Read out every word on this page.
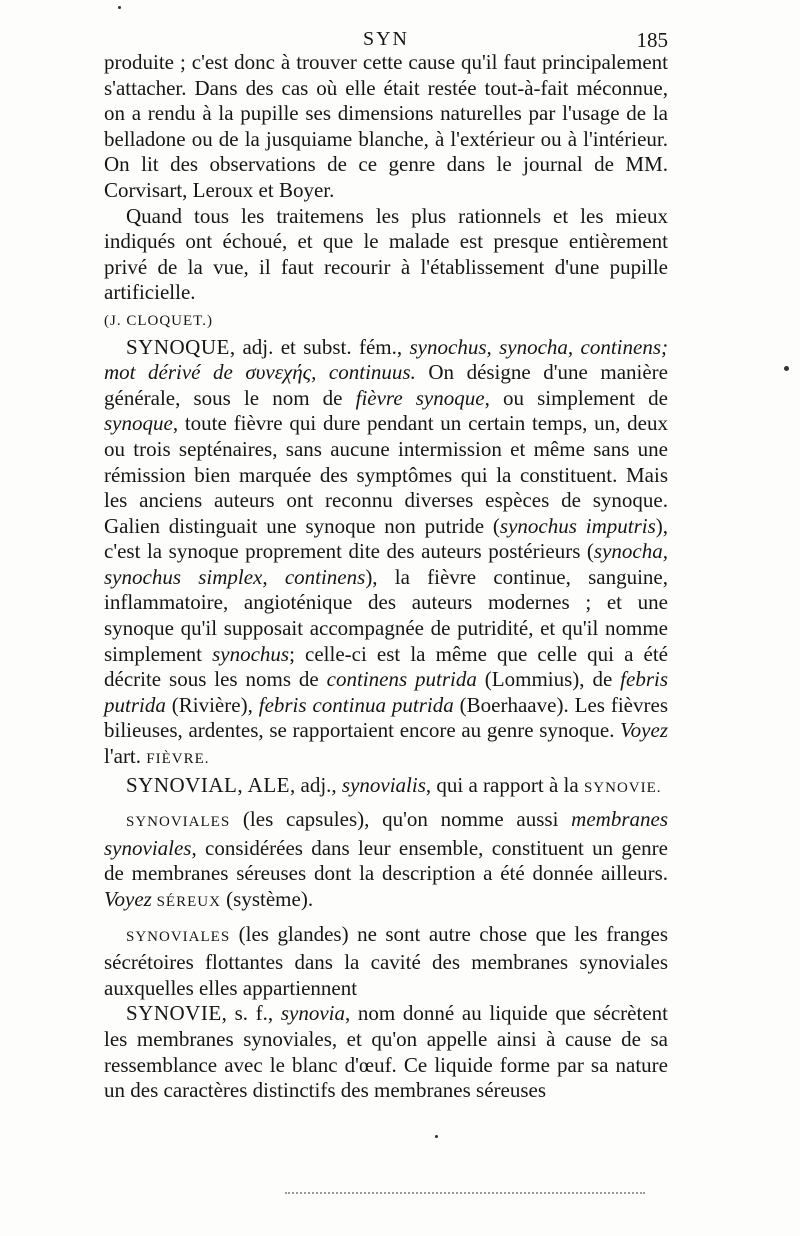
SYN	185

produite ; c'est donc à trouver cette cause qu'il faut principalement s'attacher. Dans des cas où elle était restée tout-à-fait méconnue, on a rendu à la pupille ses dimensions naturelles par l'usage de la belladone ou de la jusquiame blanche, à l'extérieur ou à l'intérieur. On lit des observations de ce genre dans le journal de MM. Corvisart, Leroux et Boyer.

Quand tous les traitemens les plus rationnels et les mieux indiqués ont échoué, et que le malade est presque entièrement privé de la vue, il faut recourir à l'établissement d'une pupille artificielle.

(J. CLOQUET.)

SYNOQUE, adj. et subst. fém., synochus, synocha, continens; mot dérivé de συνεχής, continuus. On désigne d'une manière générale, sous le nom de fièvre synoque, ou simplement de synoque, toute fièvre qui dure pendant un certain temps, un, deux ou trois septénaires, sans aucune intermission et même sans une rémission bien marquée des symptômes qui la constituent. Mais les anciens auteurs ont reconnu diverses espèces de synoque. Galien distinguait une synoque non putride (synochus imputris), c'est la synoque proprement dite des auteurs postérieurs (synocha, synochus simplex, continens), la fièvre continue, sanguine, inflammatoire, angioténique des auteurs modernes ; et une synoque qu'il supposait accompagnée de putridité, et qu'il nomme simplement synochus; celle-ci est la même que celle qui a été décrite sous les noms de continens putrida (Lommius), de febris putrida (Rivière), febris continua putrida (Boerhaave). Les fièvres bilieuses, ardentes, se rapportaient encore au genre synoque. Voyez l'art. FIÈVRE.

SYNOVIAL, ALE, adj., synovialis, qui a rapport à la SYNOVIE.

SYNOVIALES (les capsules), qu'on nomme aussi membranes synoviales, considérées dans leur ensemble, constituent un genre de membranes séreuses dont la description a été donnée ailleurs. Voyez SÉREUX (système).

SYNOVIALES (les glandes) ne sont autre chose que les franges sécrétoires flottantes dans la cavité des membranes synoviales auxquelles elles appartiennent

SYNOVIE, s. f., synovia, nom donné au liquide que sécrètent les membranes synoviales, et qu'on appelle ainsi à cause de sa ressemblance avec le blanc d'œuf. Ce liquide forme par sa nature un des caractères distinctifs des membranes séreuses
